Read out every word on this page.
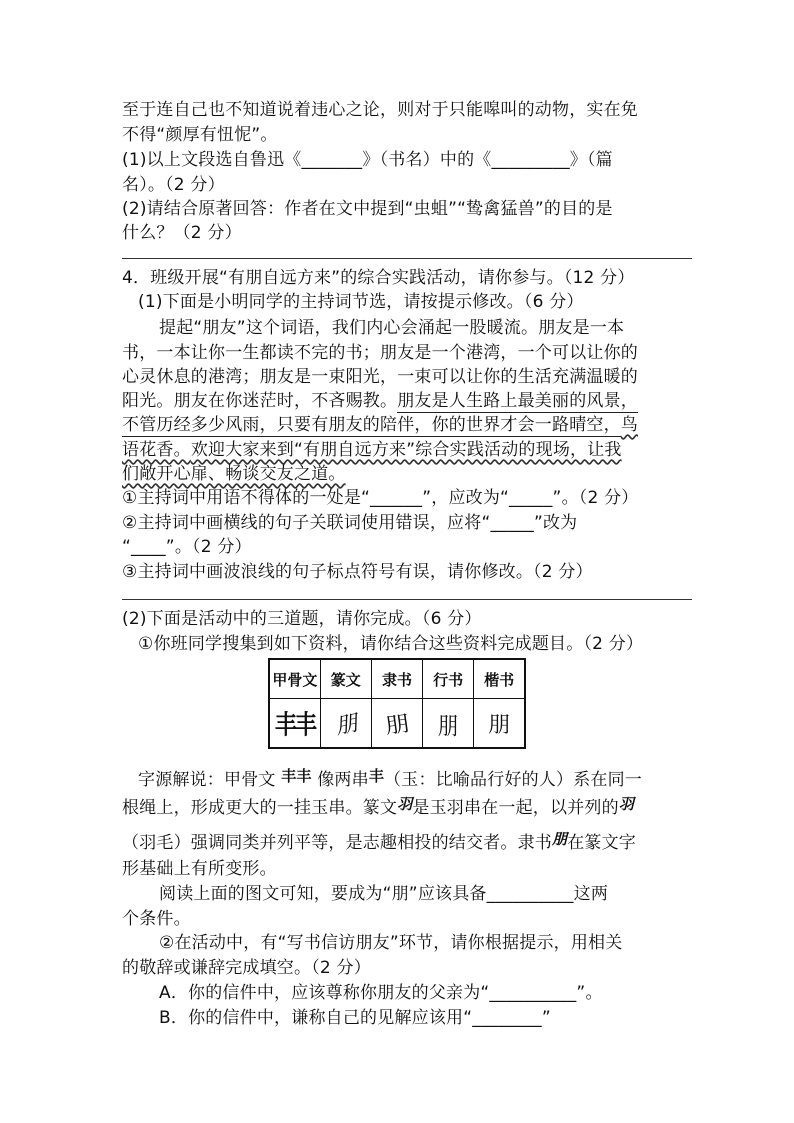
至于连自己也不知道说着违心之论，则对于只能嗥叫的动物，实在免
不得“颜厚有忸怩”。
(1)以上文段选自鲁迅《_______》（书名）中的《_________》（篇
名）。（2 分）
(2)请结合原著回答：作者在文中提到“虫蛆”“鸷禽猛兽”的目的是
什么？（2 分）
4．班级开展“有朋自远方来”的综合实践活动，请你参与。（12 分）
(1)下面是小明同学的主持词节选，请按提示修改。（6 分）
提起“朋友”这个词语，我们内心会涌起一股暖流。朋友是一本
书，一本让你一生都读不完的书；朋友是一个港湾，一个可以让你的
心灵休息的港湾；朋友是一束阳光，一束可以让你的生活充满温暖的
阳光。朋友在你迷茫时，不吝赐教。朋友是人生路上最美丽的风景，
不管历经多少风雨，只要有朋友的陪伴，你的世界才会一路晴空，鸟
语花香。欢迎大家来到“有朋自远方来”综合实践活动的现场，让我
们敞开心扉、畅谈交友之道。
①主持词中用语不得体的一处是“______”，应改为“_____”。（2 分）
②主持词中画横线的句子关联词使用错误，应将“_____”改为
“____”。（2 分）
③主持词中画波浪线的句子标点符号有误，请你修改。（2 分）
(2)下面是活动中的三道题，请你完成。（6 分）
①你班同学搜集到如下资料，请你结合这些资料完成题目。（2 分）
甲骨文	篆文	隶书	行书	楷书
丰丰	朋	朋	朋	朋
字源解说：甲骨文 丰丰 像两串丰（玉：比喻品行好的人）系在同一
根绳上，形成更大的一挂玉串。篆文羽是玉羽串在一起，以并列的羽
（羽毛）强调同类并列平等，是志趣相投的结交者。隶书朋在篆文字
形基础上有所变形。
阅读上面的图文可知，要成为“朋”应该具备__________这两
个条件。
②在活动中，有“写书信访朋友”环节，请你根据提示，用相关
的敬辞或谦辞完成填空。（2 分）
A．你的信件中，应该尊称你朋友的父亲为“__________”。
B．你的信件中，谦称自己的见解应该用“________”
